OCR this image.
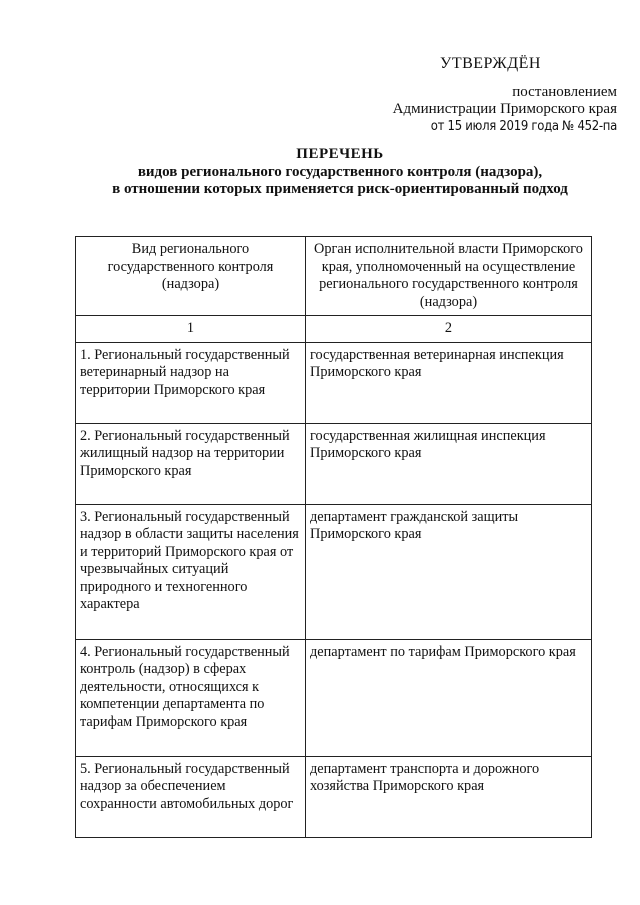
УТВЕРЖДЁН
постановлением
Администрации Приморского края
от 15 июля 2019 года № 452-па
ПЕРЕЧЕНЬ
видов регионального государственного контроля (надзора),
в отношении которых применяется риск-ориентированный подход
Вид регионального государственного контроля (надзора)	Орган исполнительной власти Приморского края, уполномоченный на осуществление регионального государственного контроля (надзора)
1	2
1. Региональный государственный ветеринарный надзор на территории Приморского края	государственная ветеринарная инспекция Приморского края
2. Региональный государственный жилищный надзор на территории Приморского края	государственная жилищная инспекция Приморского края
3. Региональный государственный надзор в области защиты населения и территорий Приморского края от чрезвычайных ситуаций природного и техногенного характера	департамент гражданской защиты Приморского края
4. Региональный государственный контроль (надзор) в сферах деятельности, относящихся к компетенции департамента по тарифам Приморского края	департамент по тарифам Приморского края
5. Региональный государственный надзор за обеспечением сохранности автомобильных дорог	департамент транспорта и дорожного хозяйства Приморского края
